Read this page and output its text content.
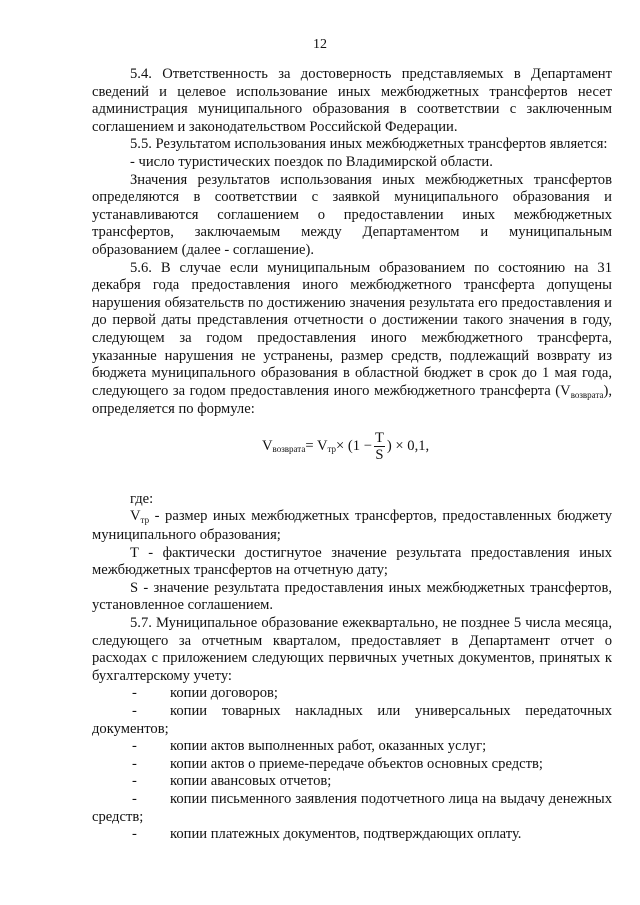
12

5.4. Ответственность за достоверность представляемых в Департамент сведений и целевое использование иных межбюджетных трансфертов несет администрация муниципального образования в соответствии с заключенным соглашением и законодательством Российской Федерации.

5.5. Результатом использования иных межбюджетных трансфертов является:

- число туристических поездок по Владимирской области.

Значения результатов использования иных межбюджетных трансфертов определяются в соответствии с заявкой муниципального образования и устанавливаются соглашением о предоставлении иных межбюджетных трансфертов, заключаемым между Департаментом и муниципальным образованием (далее - соглашение).

5.6. В случае если муниципальным образованием по состоянию на 31 декабря года предоставления иного межбюджетного трансферта допущены нарушения обязательств по достижению значения результата его предоставления и до первой даты представления отчетности о достижении такого значения в году, следующем за годом предоставления иного межбюджетного трансферта, указанные нарушения не устранены, размер средств, подлежащий возврату из бюджета муниципального образования в областной бюджет в срок до 1 мая года, следующего за годом предоставления иного межбюджетного трансферта $(V_{возврата})$, определяется по формуле:

V возврата = V тр × ($1 - \frac{T}{S}$ ) × 0,1,

где:

$V_{тр}$ - размер иных межбюджетных трансфертов, предоставленных бюджету муниципального образования;

T - фактически достигнутое значение результата предоставления иных межбюджетных трансфертов на отчетную дату;

S - значение результата предоставления иных межбюджетных трансфертов, установленное соглашением.

5.7. Муниципальное образование ежеквартально, не позднее 5 числа месяца, следующего за отчетным кварталом, предоставляет в Департамент отчет о расходах с приложением следующих первичных учетных документов, принятых к бухгалтерскому учету:

- копии договоров;

- копии товарных накладных или универсальных передаточных документов;

- копии актов выполненных работ, оказанных услуг;

- копии актов о приеме-передаче объектов основных средств;

- копии авансовых отчетов;

- копии письменного заявления подотчетного лица на выдачу денежных средств;

- копии платежных документов, подтверждающих оплату.
